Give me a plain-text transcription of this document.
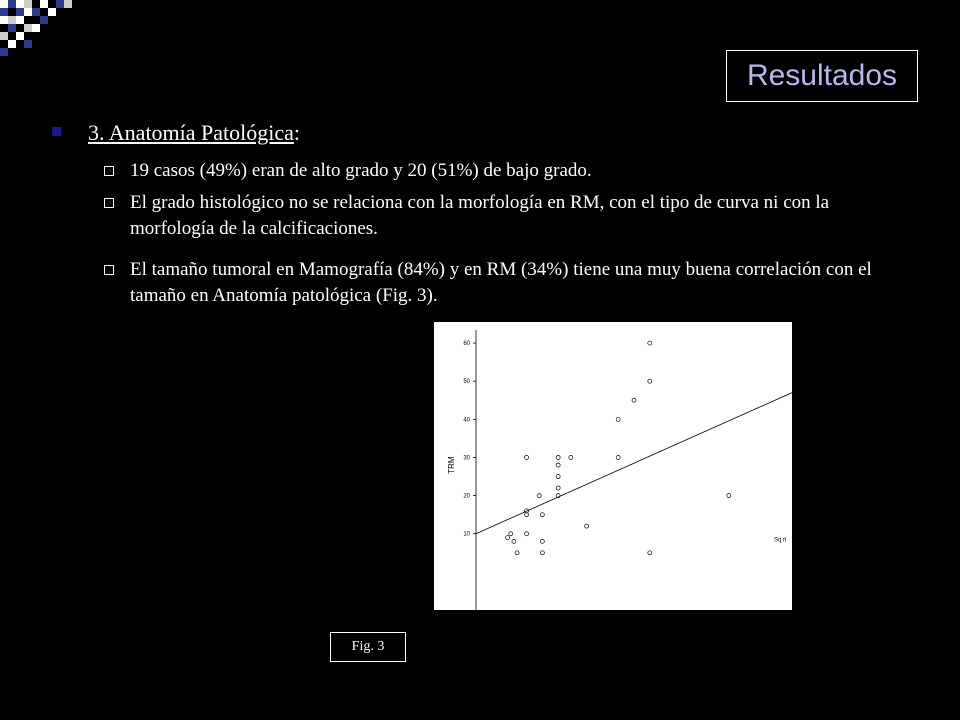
Resultados
3. Anatomía Patológica:
19 casos (49%) eran de alto grado y 20 (51%) de bajo grado.
El grado histológico no se relaciona con la morfología en RM, con el tipo de curva ni con la morfología de la calcificaciones.
El tamaño tumoral en Mamografía (84%) y en RM (34%) tiene una muy buena correlación con el tamaño en Anatomía patológica (Fig. 3).
10
20
30
40
50
60
TRM
Sq rl
Fig. 3
